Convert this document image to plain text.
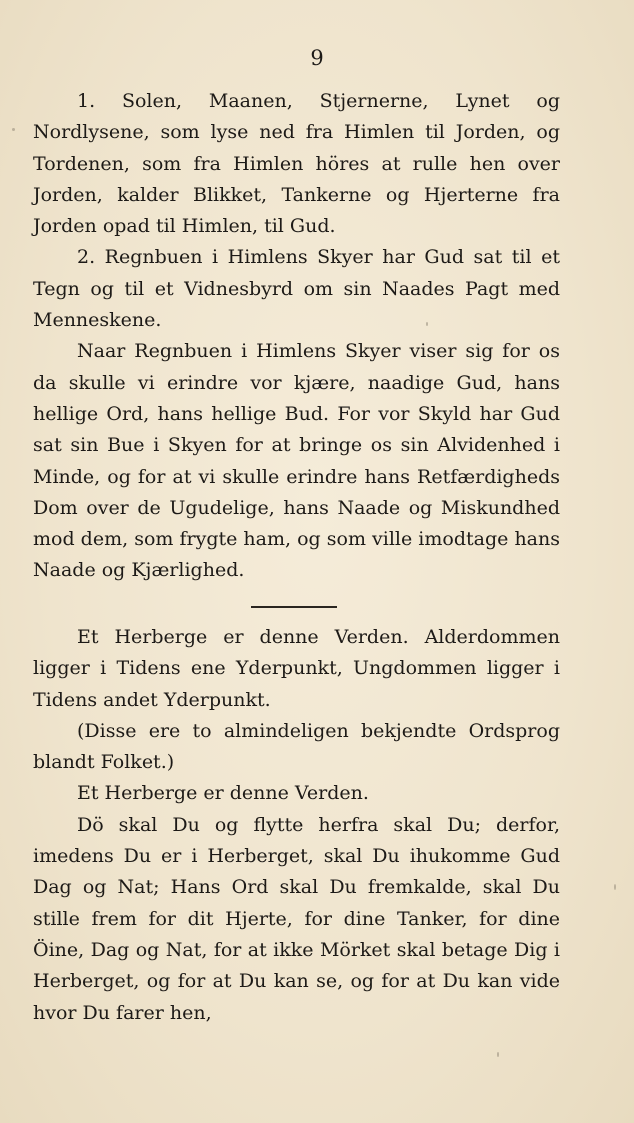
9

1. Solen, Maanen, Stjernerne, Lynet og Nordlysene, som lyse ned fra Himlen til Jorden, og Tordenen, som fra Himlen höres at rulle hen over Jorden, kalder Blikket, Tankerne og Hjerterne fra Jorden opad til Himlen, til Gud.

2. Regnbuen i Himlens Skyer har Gud sat til et Tegn og til et Vidnesbyrd om sin Naades Pagt med Menneskene.

Naar Regnbuen i Himlens Skyer viser sig for os da skulle vi erindre vor kjære, naadige Gud, hans hellige Ord, hans hellige Bud. For vor Skyld har Gud sat sin Bue i Skyen for at bringe os sin Alvidenhed i Minde, og for at vi skulle erindre hans Retfærdigheds Dom over de Ugudelige, hans Naade og Miskundhed mod dem, som frygte ham, og som ville imodtage hans Naade og Kjærlighed.

Et Herberge er denne Verden. Alderdommen ligger i Tidens ene Yderpunkt, Ungdommen ligger i Tidens andet Yderpunkt.

(Disse ere to almindeligen bekjendte Ordsprog blandt Folket.)

Et Herberge er denne Verden.

Dö skal Du og flytte herfra skal Du; derfor, imedens Du er i Herberget, skal Du ihukomme Gud Dag og Nat; Hans Ord skal Du fremkalde, skal Du stille frem for dit Hjerte, for dine Tanker, for dine Öine, Dag og Nat, for at ikke Mörket skal betage Dig i Herberget, og for at Du kan se, og for at Du kan vide hvor Du farer hen,
